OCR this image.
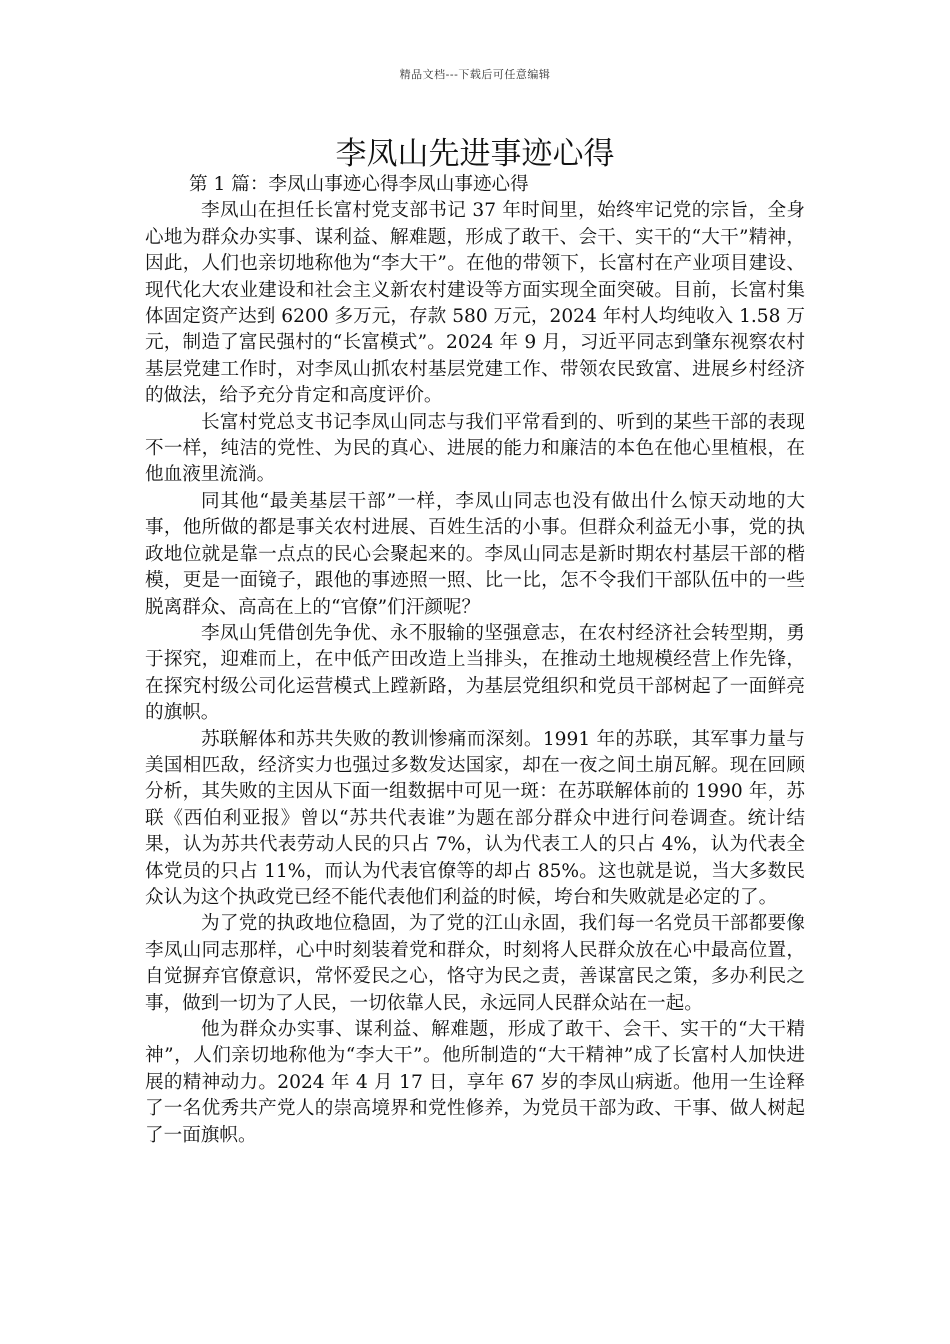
精品文档---下载后可任意编辑
李凤山先进事迹心得
第 1 篇：李凤山事迹心得李凤山事迹心得

李凤山在担任长富村党支部书记 37 年时间里，始终牢记党的宗旨，全身心地为群众办实事、谋利益、解难题，形成了敢干、会干、实干的“大干”精神，因此，人们也亲切地称他为“李大干”。在他的带领下，长富村在产业项目建设、现代化大农业建设和社会主义新农村建设等方面实现全面突破。目前，长富村集体固定资产达到 6200 多万元，存款 580 万元，2024 年村人均纯收入 1.58 万元，制造了富民强村的“长富模式”。2024 年 9 月，习近平同志到肇东视察农村基层党建工作时，对李凤山抓农村基层党建工作、带领农民致富、进展乡村经济的做法，给予充分肯定和高度评价。

长富村党总支书记李凤山同志与我们平常看到的、听到的某些干部的表现不一样，纯洁的党性、为民的真心、进展的能力和廉洁的本色在他心里植根，在他血液里流淌。

同其他“最美基层干部”一样，李凤山同志也没有做出什么惊天动地的大事，他所做的都是事关农村进展、百姓生活的小事。但群众利益无小事，党的执政地位就是靠一点点的民心会聚起来的。李凤山同志是新时期农村基层干部的楷模，更是一面镜子，跟他的事迹照一照、比一比，怎不令我们干部队伍中的一些脱离群众、高高在上的“官僚”们汗颜呢？

李凤山凭借创先争优、永不服输的坚强意志，在农村经济社会转型期，勇于探究，迎难而上，在中低产田改造上当排头，在推动土地规模经营上作先锋，在探究村级公司化运营模式上蹚新路，为基层党组织和党员干部树起了一面鲜亮的旗帜。

苏联解体和苏共失败的教训惨痛而深刻。1991 年的苏联，其军事力量与美国相匹敌，经济实力也强过多数发达国家，却在一夜之间土崩瓦解。现在回顾分析，其失败的主因从下面一组数据中可见一斑：在苏联解体前的 1990 年，苏联《西伯利亚报》曾以“苏共代表谁”为题在部分群众中进行问卷调查。统计结果，认为苏共代表劳动人民的只占 7%，认为代表工人的只占 4%，认为代表全体党员的只占 11%，而认为代表官僚等的却占 85%。这也就是说，当大多数民众认为这个执政党已经不能代表他们利益的时候，垮台和失败就是必定的了。

为了党的执政地位稳固，为了党的江山永固，我们每一名党员干部都要像李凤山同志那样，心中时刻装着党和群众，时刻将人民群众放在心中最高位置，自觉摒弃官僚意识，常怀爱民之心，恪守为民之责，善谋富民之策，多办利民之事，做到一切为了人民，一切依靠人民，永远同人民群众站在一起。

他为群众办实事、谋利益、解难题，形成了敢干、会干、实干的“大干精神”，人们亲切地称他为“李大干”。他所制造的“大干精神”成了长富村人加快进展的精神动力。2024 年 4 月 17 日，享年 67 岁的李凤山病逝。他用一生诠释了一名优秀共产党人的崇高境界和党性修养，为党员干部为政、干事、做人树起了一面旗帜。
